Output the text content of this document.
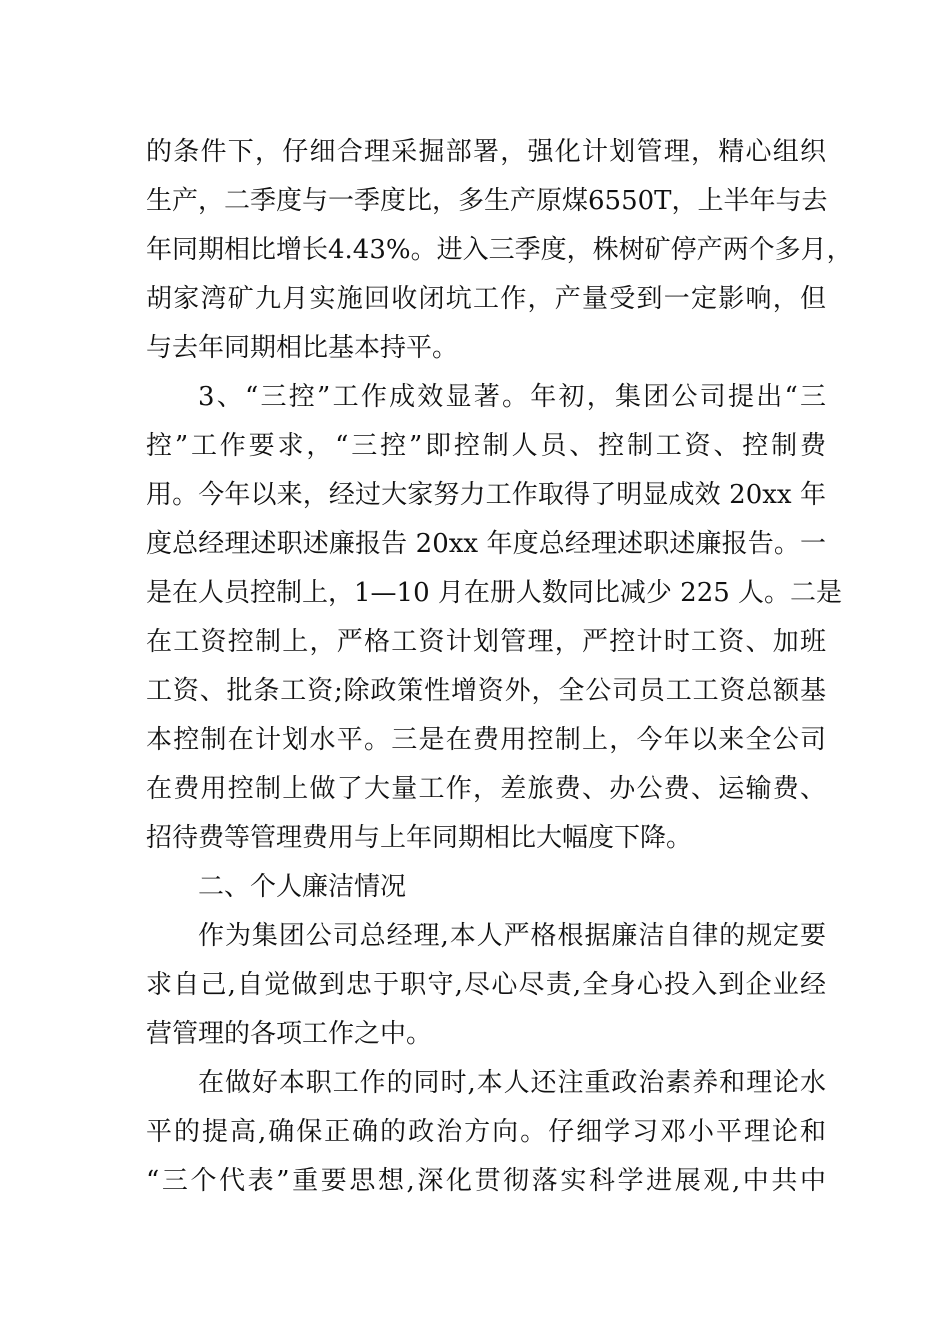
的条件下，仔细合理采掘部署，强化计划管理，精心组织
生产，二季度与一季度比，多生产原煤6550T，上半年与去
年同期相比增长4.43%。进入三季度，株树矿停产两个多月，
胡家湾矿九月实施回收闭坑工作，产量受到一定影响，但
与去年同期相比基本持平。
3、“三控”工作成效显著。年初，集团公司提出“三
控”工作要求，“三控”即控制人员、控制工资、控制费
用。今年以来，经过大家努力工作取得了明显成效 20xx 年
度总经理述职述廉报告 20xx 年度总经理述职述廉报告。一
是在人员控制上，1—10 月在册人数同比减少 225 人。二是
在工资控制上，严格工资计划管理，严控计时工资、加班
工资、批条工资;除政策性增资外，全公司员工工资总额基
本控制在计划水平。三是在费用控制上，今年以来全公司
在费用控制上做了大量工作，差旅费、办公费、运输费、
招待费等管理费用与上年同期相比大幅度下降。
二、个人廉洁情况
作为集团公司总经理,本人严格根据廉洁自律的规定要
求自己,自觉做到忠于职守,尽心尽责,全身心投入到企业经
营管理的各项工作之中。
在做好本职工作的同时,本人还注重政治素养和理论水
平的提高,确保正确的政治方向。仔细学习邓小平理论和
“三个代表”重要思想,深化贯彻落实科学进展观,中共中
